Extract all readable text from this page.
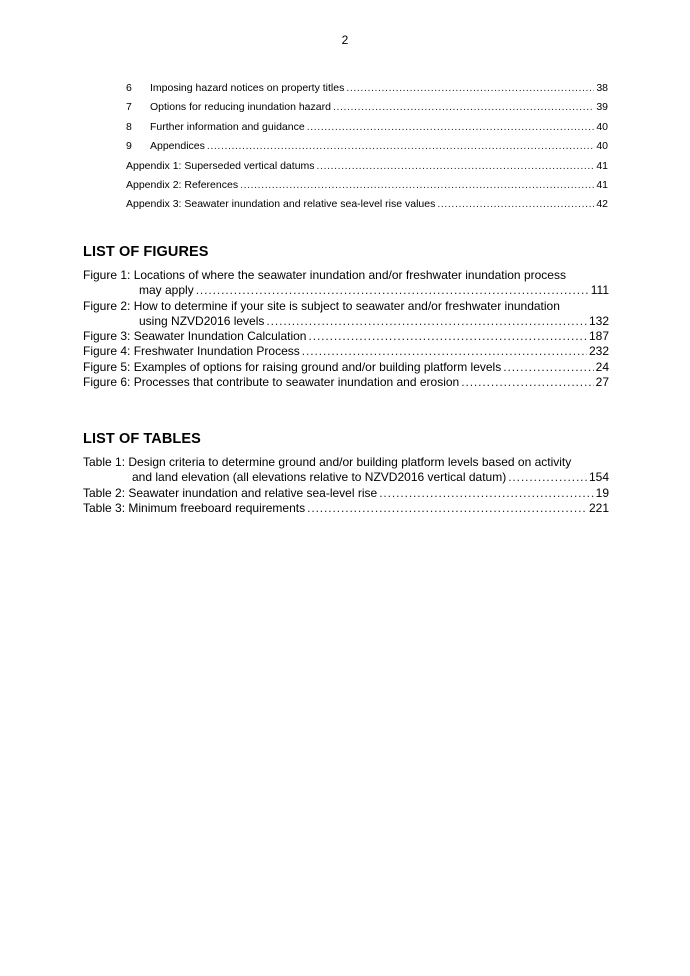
2
6	Imposing hazard notices on property titles .....	38
7	Options for reducing inundation hazard .....	39
8	Further information and guidance .....	40
9	Appendices .....	40
Appendix 1: Superseded vertical datums .....	41
Appendix 2: References .....	41
Appendix 3: Seawater inundation and relative sea-level rise values .....	42
LIST OF FIGURES
Figure 1: Locations of where the seawater inundation and/or freshwater inundation process
may apply .....	111
Figure 2: How to determine if your site is subject to seawater and/or freshwater inundation
using NZVD2016 levels .....	132
Figure 3: Seawater Inundation Calculation .....	187
Figure 4: Freshwater Inundation Process .....	232
Figure 5: Examples of options for raising ground and/or building platform levels .....	24
Figure 6: Processes that contribute to seawater inundation and erosion .....	27
LIST OF TABLES
Table 1: Design criteria to determine ground and/or building platform levels based on activity
and land elevation (all elevations relative to NZVD2016 vertical datum) .....	154
Table 2: Seawater inundation and relative sea-level rise .....	19
Table 3: Minimum freeboard requirements .....	221
